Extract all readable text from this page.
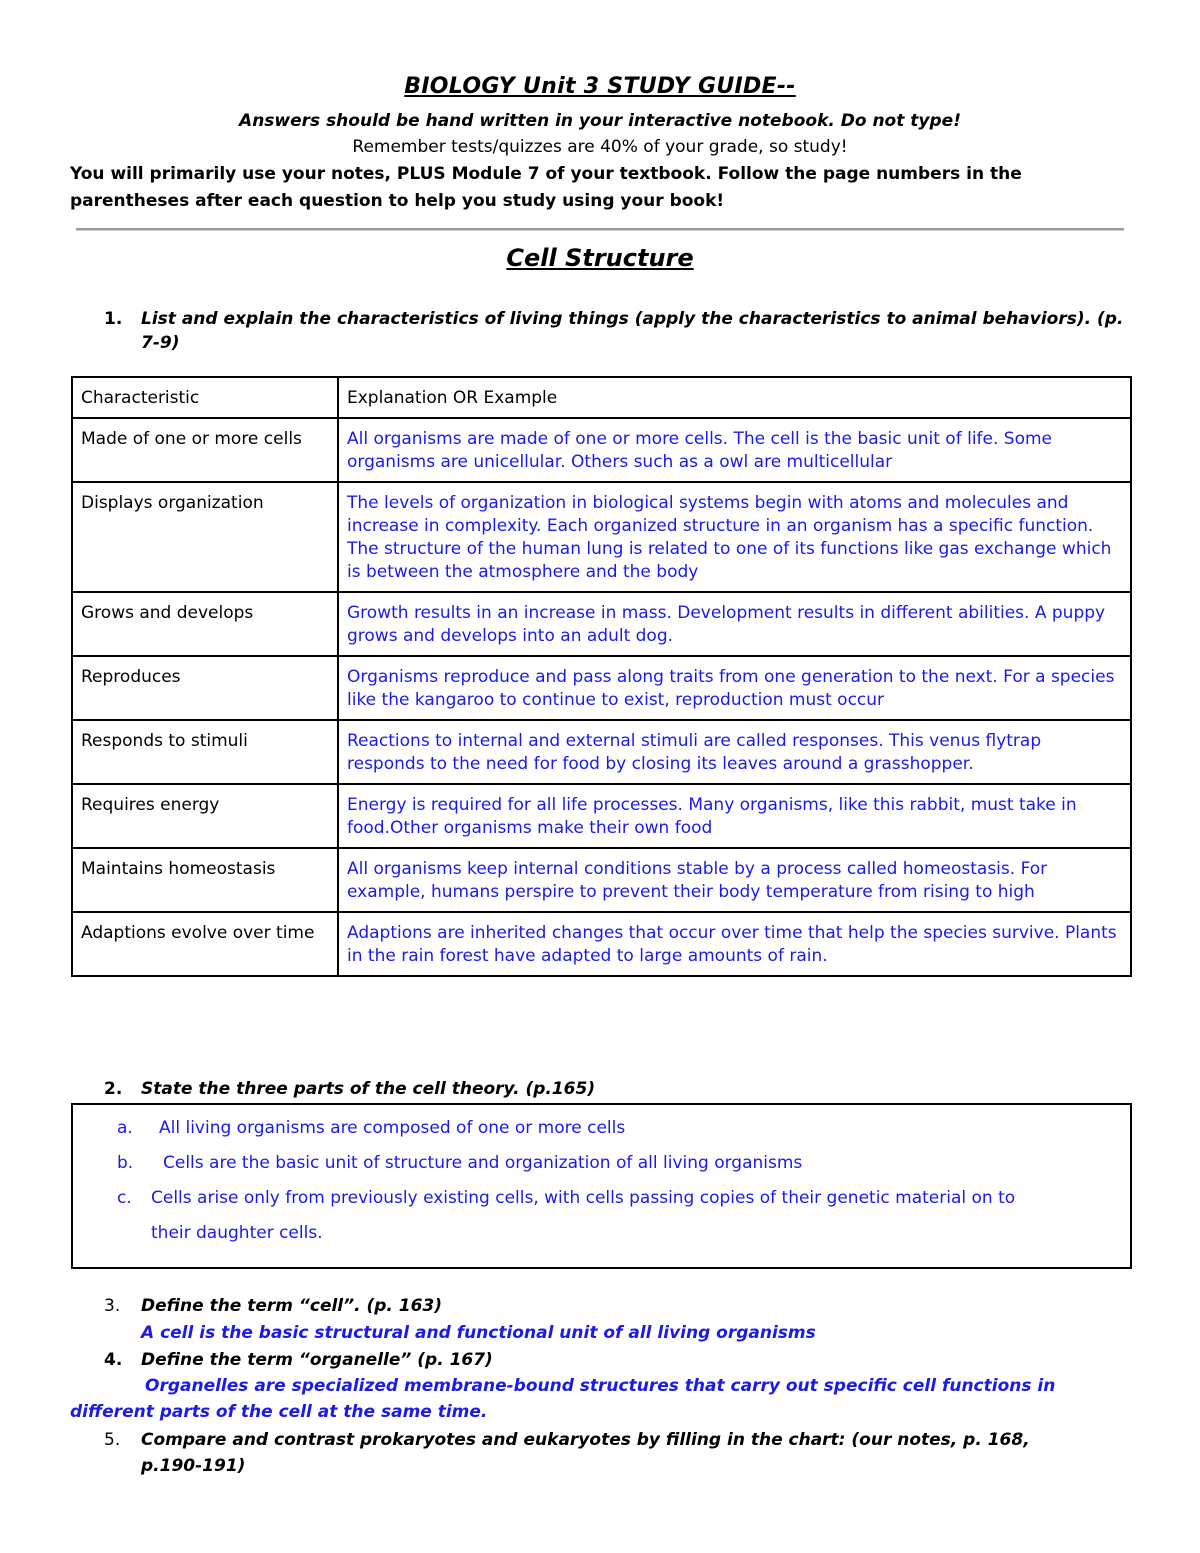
BIOLOGY Unit 3 STUDY GUIDE--
Answers should be hand written in your interactive notebook. Do not type!
Remember tests/quizzes are 40% of your grade, so study!
You will primarily use your notes, PLUS Module 7 of your textbook. Follow the page numbers in the
parentheses after each question to help you study using your book!
Cell Structure
1. List and explain the characteristics of living things (apply the characteristics to animal behaviors). (p.
7-9)
Characteristic	Explanation OR Example
Made of one or more cells	All organisms are made of one or more cells. The cell is the basic unit of life. Some organisms are unicellular. Others such as a owl are multicellular
Displays organization	The levels of organization in biological systems begin with atoms and molecules and increase in complexity. Each organized structure in an organism has a specific function. The structure of the human lung is related to one of its functions like gas exchange which is between the atmosphere and the body
Grows and develops	Growth results in an increase in mass. Development results in different abilities. A puppy grows and develops into an adult dog.
Reproduces	Organisms reproduce and pass along traits from one generation to the next. For a species like the kangaroo to continue to exist, reproduction must occur
Responds to stimuli	Reactions to internal and external stimuli are called responses. This venus flytrap responds to the need for food by closing its leaves around a grasshopper.
Requires energy	Energy is required for all life processes. Many organisms, like this rabbit, must take in food.Other organisms make their own food
Maintains homeostasis	All organisms keep internal conditions stable by a process called homeostasis. For example, humans perspire to prevent their body temperature from rising to high
Adaptions evolve over time	Adaptions are inherited changes that occur over time that help the species survive. Plants in the rain forest have adapted to large amounts of rain.
2. State the three parts of the cell theory. (p.165)
a. All living organisms are composed of one or more cells
b. Cells are the basic unit of structure and organization of all living organisms
c. Cells arise only from previously existing cells, with cells passing copies of their genetic material on to
their daughter cells.
3. Define the term “cell”. (p. 163)
A cell is the basic structural and functional unit of all living organisms
4. Define the term “organelle” (p. 167)
Organelles are specialized membrane-bound structures that carry out specific cell functions in
different parts of the cell at the same time.
5. Compare and contrast prokaryotes and eukaryotes by filling in the chart: (our notes, p. 168,
p.190-191)
